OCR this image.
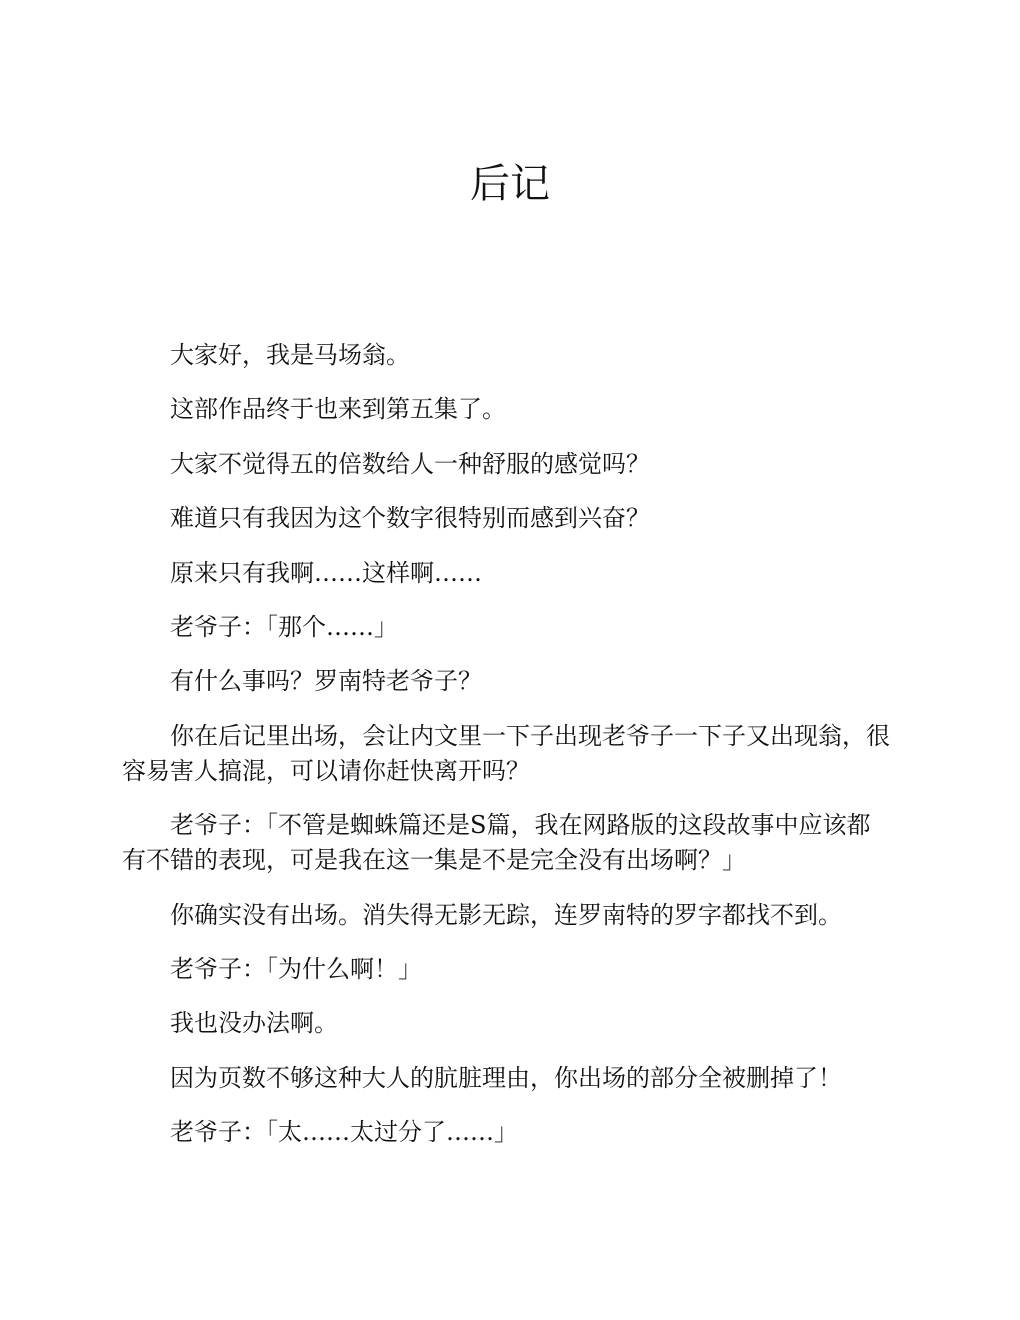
后记

大家好，我是马场翁。

这部作品终于也来到第五集了。

大家不觉得五的倍数给人一种舒服的感觉吗？

难道只有我因为这个数字很特别而感到兴奋？

原来只有我啊……这样啊……

老爷子：「那个……」

有什么事吗？罗南特老爷子？

你在后记里出场，会让内文里一下子出现老爷子一下子又出现翁，很容易害人搞混，可以请你赶快离开吗？

老爷子：「不管是蜘蛛篇还是S篇，我在网路版的这段故事中应该都有不错的表现，可是我在这一集是不是完全没有出场啊？」

你确实没有出场。消失得无影无踪，连罗南特的罗字都找不到。

老爷子：「为什么啊！」

我也没办法啊。

因为页数不够这种大人的肮脏理由，你出场的部分全被删掉了！

老爷子：「太……太过分了……」
